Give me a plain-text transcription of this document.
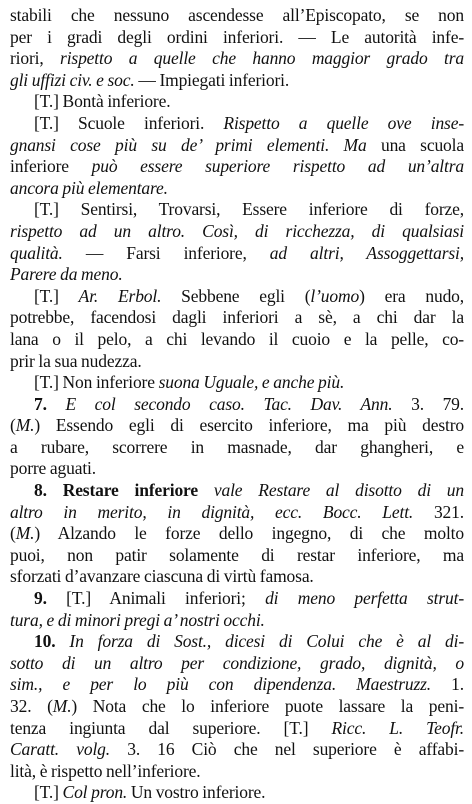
stabili che nessuno ascendesse all’Episcopato, se non
per i gradi degli ordini inferiori. — Le autorità infe-
riori, rispetto a quelle che hanno maggior grado tra
gli uffizi civ. e soc. — Impiegati inferiori.
[T.] Bontà inferiore.
[T.] Scuole inferiori. Rispetto a quelle ove inse-
gnansi cose più su de’ primi elementi. Ma una scuola
inferiore può essere superiore rispetto ad un’altra
ancora più elementare.
[T.] Sentirsi, Trovarsi, Essere inferiore di forze,
rispetto ad un altro. Così, di ricchezza, di qualsiasi
qualità. — Farsi inferiore, ad altri, Assoggettarsi,
Parere da meno.
[T.] Ar. Erbol. Sebbene egli (l’uomo) era nudo,
potrebbe, facendosi dagli inferiori a sè, a chi dar la
lana o il pelo, a chi levando il cuoio e la pelle, co-
prir la sua nudezza.
[T.] Non inferiore suona Uguale, e anche più.
7. E col secondo caso. Tac. Dav. Ann. 3. 79.
(M.) Essendo egli di esercito inferiore, ma più destro
a rubare, scorrere in masnade, dar ghangheri, e
porre aguati.
8. Restare inferiore vale Restare al disotto di un
altro in merito, in dignità, ecc. Bocc. Lett. 321.
(M.) Alzando le forze dello ingegno, di che molto
puoi, non patir solamente di restar inferiore, ma
sforzati d’avanzare ciascuna di virtù famosa.
9. [T.] Animali inferiori; di meno perfetta strut-
tura, e di minori pregi a’ nostri occhi.
10. In forza di Sost., dicesi di Colui che è al di-
sotto di un altro per condizione, grado, dignità, o
sim., e per lo più con dipendenza. Maestruzz. 1.
32. (M.) Nota che lo inferiore puote lassare la peni-
tenza ingiunta dal superiore. [T.] Ricc. L. Teofr.
Caratt. volg. 3. 16 Ciò che nel superiore è affabi-
lità, è rispetto nell’inferiore.
[T.] Col pron. Un vostro inferiore.
